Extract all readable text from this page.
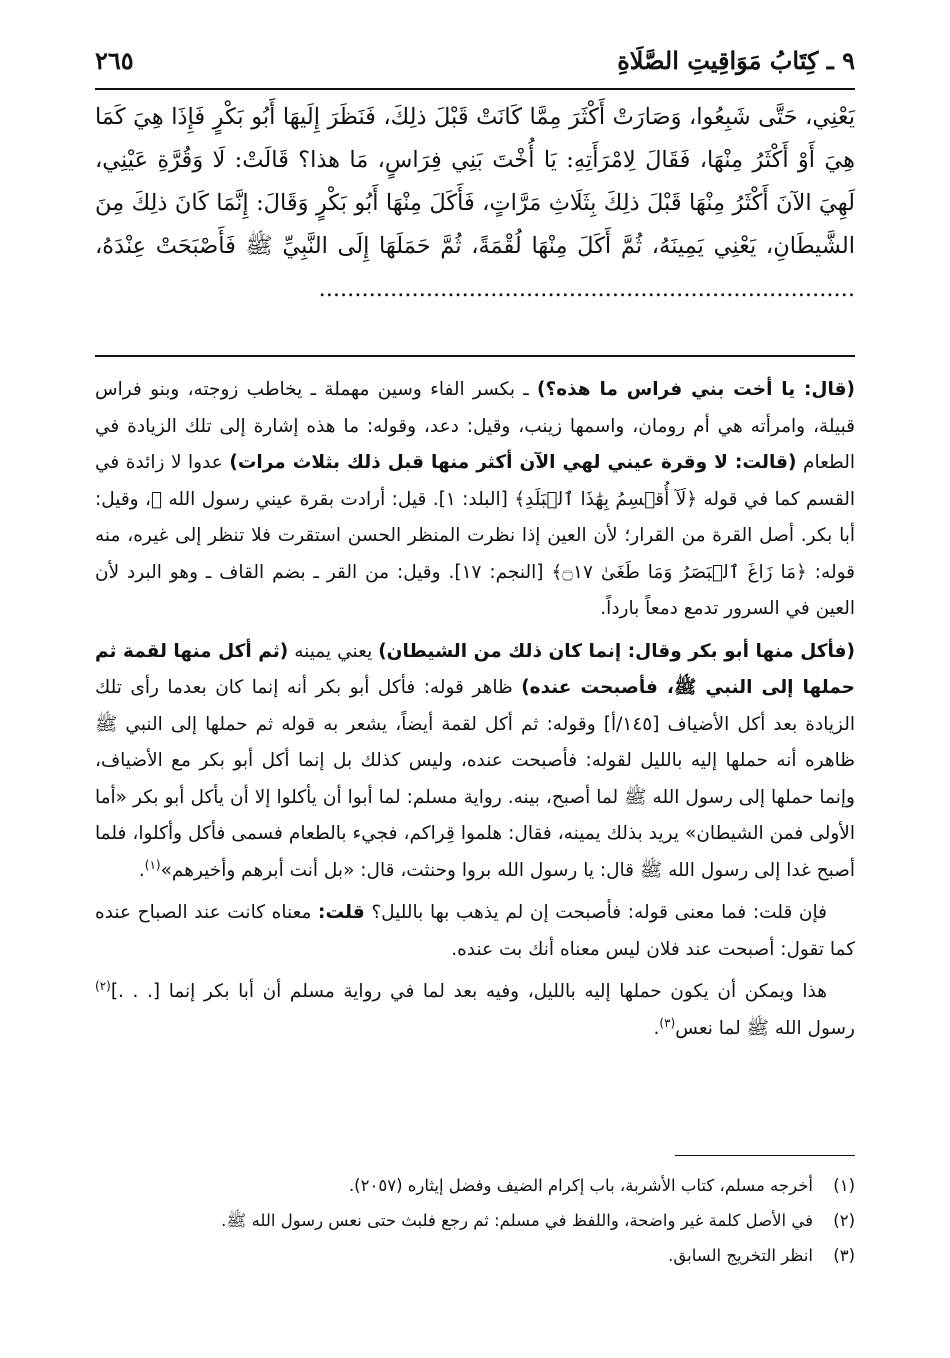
٩ ـ كِتَابُ مَوَاقِيتِ الصَّلَاةِ
٢٦٥
يَعْنِي، حَتَّى شَبِعُوا، وَصَارَتْ أَكْثَرَ مِمَّا كَانَتْ قَبْلَ ذلِكَ، فَنَظَرَ إِلَيهَا أَبُو بَكْرٍ فَإِذَا هِيَ كَمَا هِيَ أَوْ أَكْثَرُ مِنْهَا، فَقَالَ لِامْرَأَتِهِ: يَا أُخْتَ بَنِي فِرَاسٍ، مَا هذا؟ قَالَتْ: لَا وَقُرَّةِ عَيْنِي، لَهِيَ الآنَ أَكْثَرُ مِنْهَا قَبْلَ ذلِكَ بِثَلَاثِ مَرَّاتٍ، فَأَكَلَ مِنْهَا أَبُو بَكْرٍ وَقَالَ: إِنَّمَا كَانَ ذلِكَ مِنَ الشَّيطَانِ، يَعْنِي يَمِينَهُ، ثُمَّ أَكَلَ مِنْهَا لُقْمَةً، ثُمَّ حَمَلَهَا إِلَى النَّبِيِّ ﷺ فَأَصْبَحَتْ عِنْدَهُ، ...........................................................................

(قال: يا أخت بني فراس ما هذه؟) ـ بكسر الفاء وسين مهملة ـ يخاطب زوجته، وبنو فراس قبيلة، وامرأته هي أم رومان، واسمها زينب، وقيل: دعد، وقوله: ما هذه إشارة إلى تلك الزيادة في الطعام (قالت: لا وقرة عيني لهي الآن أكثر منها قبل ذلك بثلاث مرات) عدوا لا زائدة في القسم كما في قوله ﴿لَآ أُقۡسِمُ بِهَٰذَا ٱلۡبَلَدِ﴾ [البلد: ١]. قيل: أرادت بقرة عيني رسول الله ﷺ، وقيل: أبا بكر. أصل القرة من القرار؛ لأن العين إذا نظرت المنظر الحسن استقرت فلا تنظر إلى غيره، منه قوله: ﴿مَا زَاغَ ٱلۡبَصَرُ وَمَا طَغَىٰ ۝١٧﴾ [النجم: ١٧]. وقيل: من القر ـ بضم القاف ـ وهو البرد لأن العين في السرور تدمع دمعاً بارداً.

(فأكل منها أبو بكر وقال: إنما كان ذلك من الشيطان) يعني يمينه (ثم أكل منها لقمة ثم حملها إلى النبي ﷺ، فأصبحت عنده) ظاهر قوله: فأكل أبو بكر أنه إنما كان بعدما رأى تلك الزيادة بعد أكل الأضياف [١٤٥/أ] وقوله: ثم أكل لقمة أيضاً، يشعر به قوله ثم حملها إلى النبي ﷺ ظاهره أنه حملها إليه بالليل لقوله: فأصبحت عنده، وليس كذلك بل إنما أكل أبو بكر مع الأضياف، وإنما حملها إلى رسول الله ﷺ لما أصبح، بينه. رواية مسلم: لما أبوا أن يأكلوا إلا أن يأكل أبو بكر «أما الأولى فمن الشيطان» يريد بذلك يمينه، فقال: هلموا قِراكم، فجيء بالطعام فسمى فأكل وأكلوا، فلما أصبح غدا إلى رسول الله ﷺ قال: يا رسول الله بروا وحنثت، قال: «بل أنت أبرهم وأخيرهم»$^{(١)}$.

فإن قلت: فما معنى قوله: فأصبحت إن لم يذهب بها بالليل؟ قلت: معناه كانت عند الصباح عنده كما تقول: أصبحت عند فلان ليس معناه أنك بت عنده.

هذا ويمكن أن يكون حملها إليه بالليل، وفيه بعد لما في رواية مسلم أن أبا بكر إنما [. . .]$^{(٢)}$ رسول الله ﷺ لما نعس$^{(٣)}$.

(١)
أخرجه مسلم، كتاب الأشربة، باب إكرام الضيف وفضل إيثاره (٢٠٥٧).
(٢)
في الأصل كلمة غير واضحة، واللفظ في مسلم: ثم رجع فلبث حتى نعس رسول الله ﷺ.
(٣)
انظر التخريج السابق.
